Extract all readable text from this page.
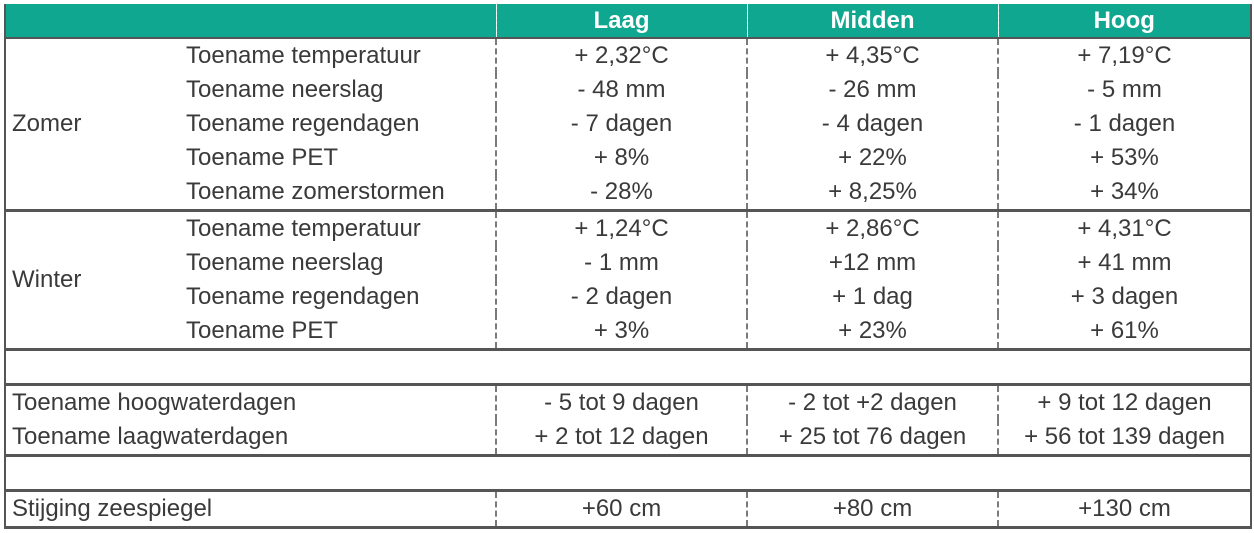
		Laag	Midden	Hoog
Zomer	Toename temperatuur	+ 2,32°C	+ 4,35°C	+ 7,19°C
	Toename neerslag	- 48 mm	- 26 mm	- 5 mm
	Toename regendagen	- 7 dagen	- 4 dagen	- 1 dagen
	Toename PET	+ 8%	+ 22%	+ 53%
	Toename zomerstormen	- 28%	+ 8,25%	+ 34%
Winter	Toename temperatuur	+ 1,24°C	+ 2,86°C	+ 4,31°C
	Toename neerslag	- 1 mm	+12 mm	+ 41 mm
	Toename regendagen	- 2 dagen	+ 1 dag	+ 3 dagen
	Toename PET	+ 3%	+ 23%	+ 61%

Toename hoogwaterdagen		- 5 tot 9 dagen	- 2 tot +2 dagen	+ 9 tot 12 dagen
Toename laagwaterdagen		+ 2 tot 12 dagen	+ 25 tot 76 dagen	+ 56 tot 139 dagen

Stijging zeespiegel		+60 cm	+80 cm	+130 cm
